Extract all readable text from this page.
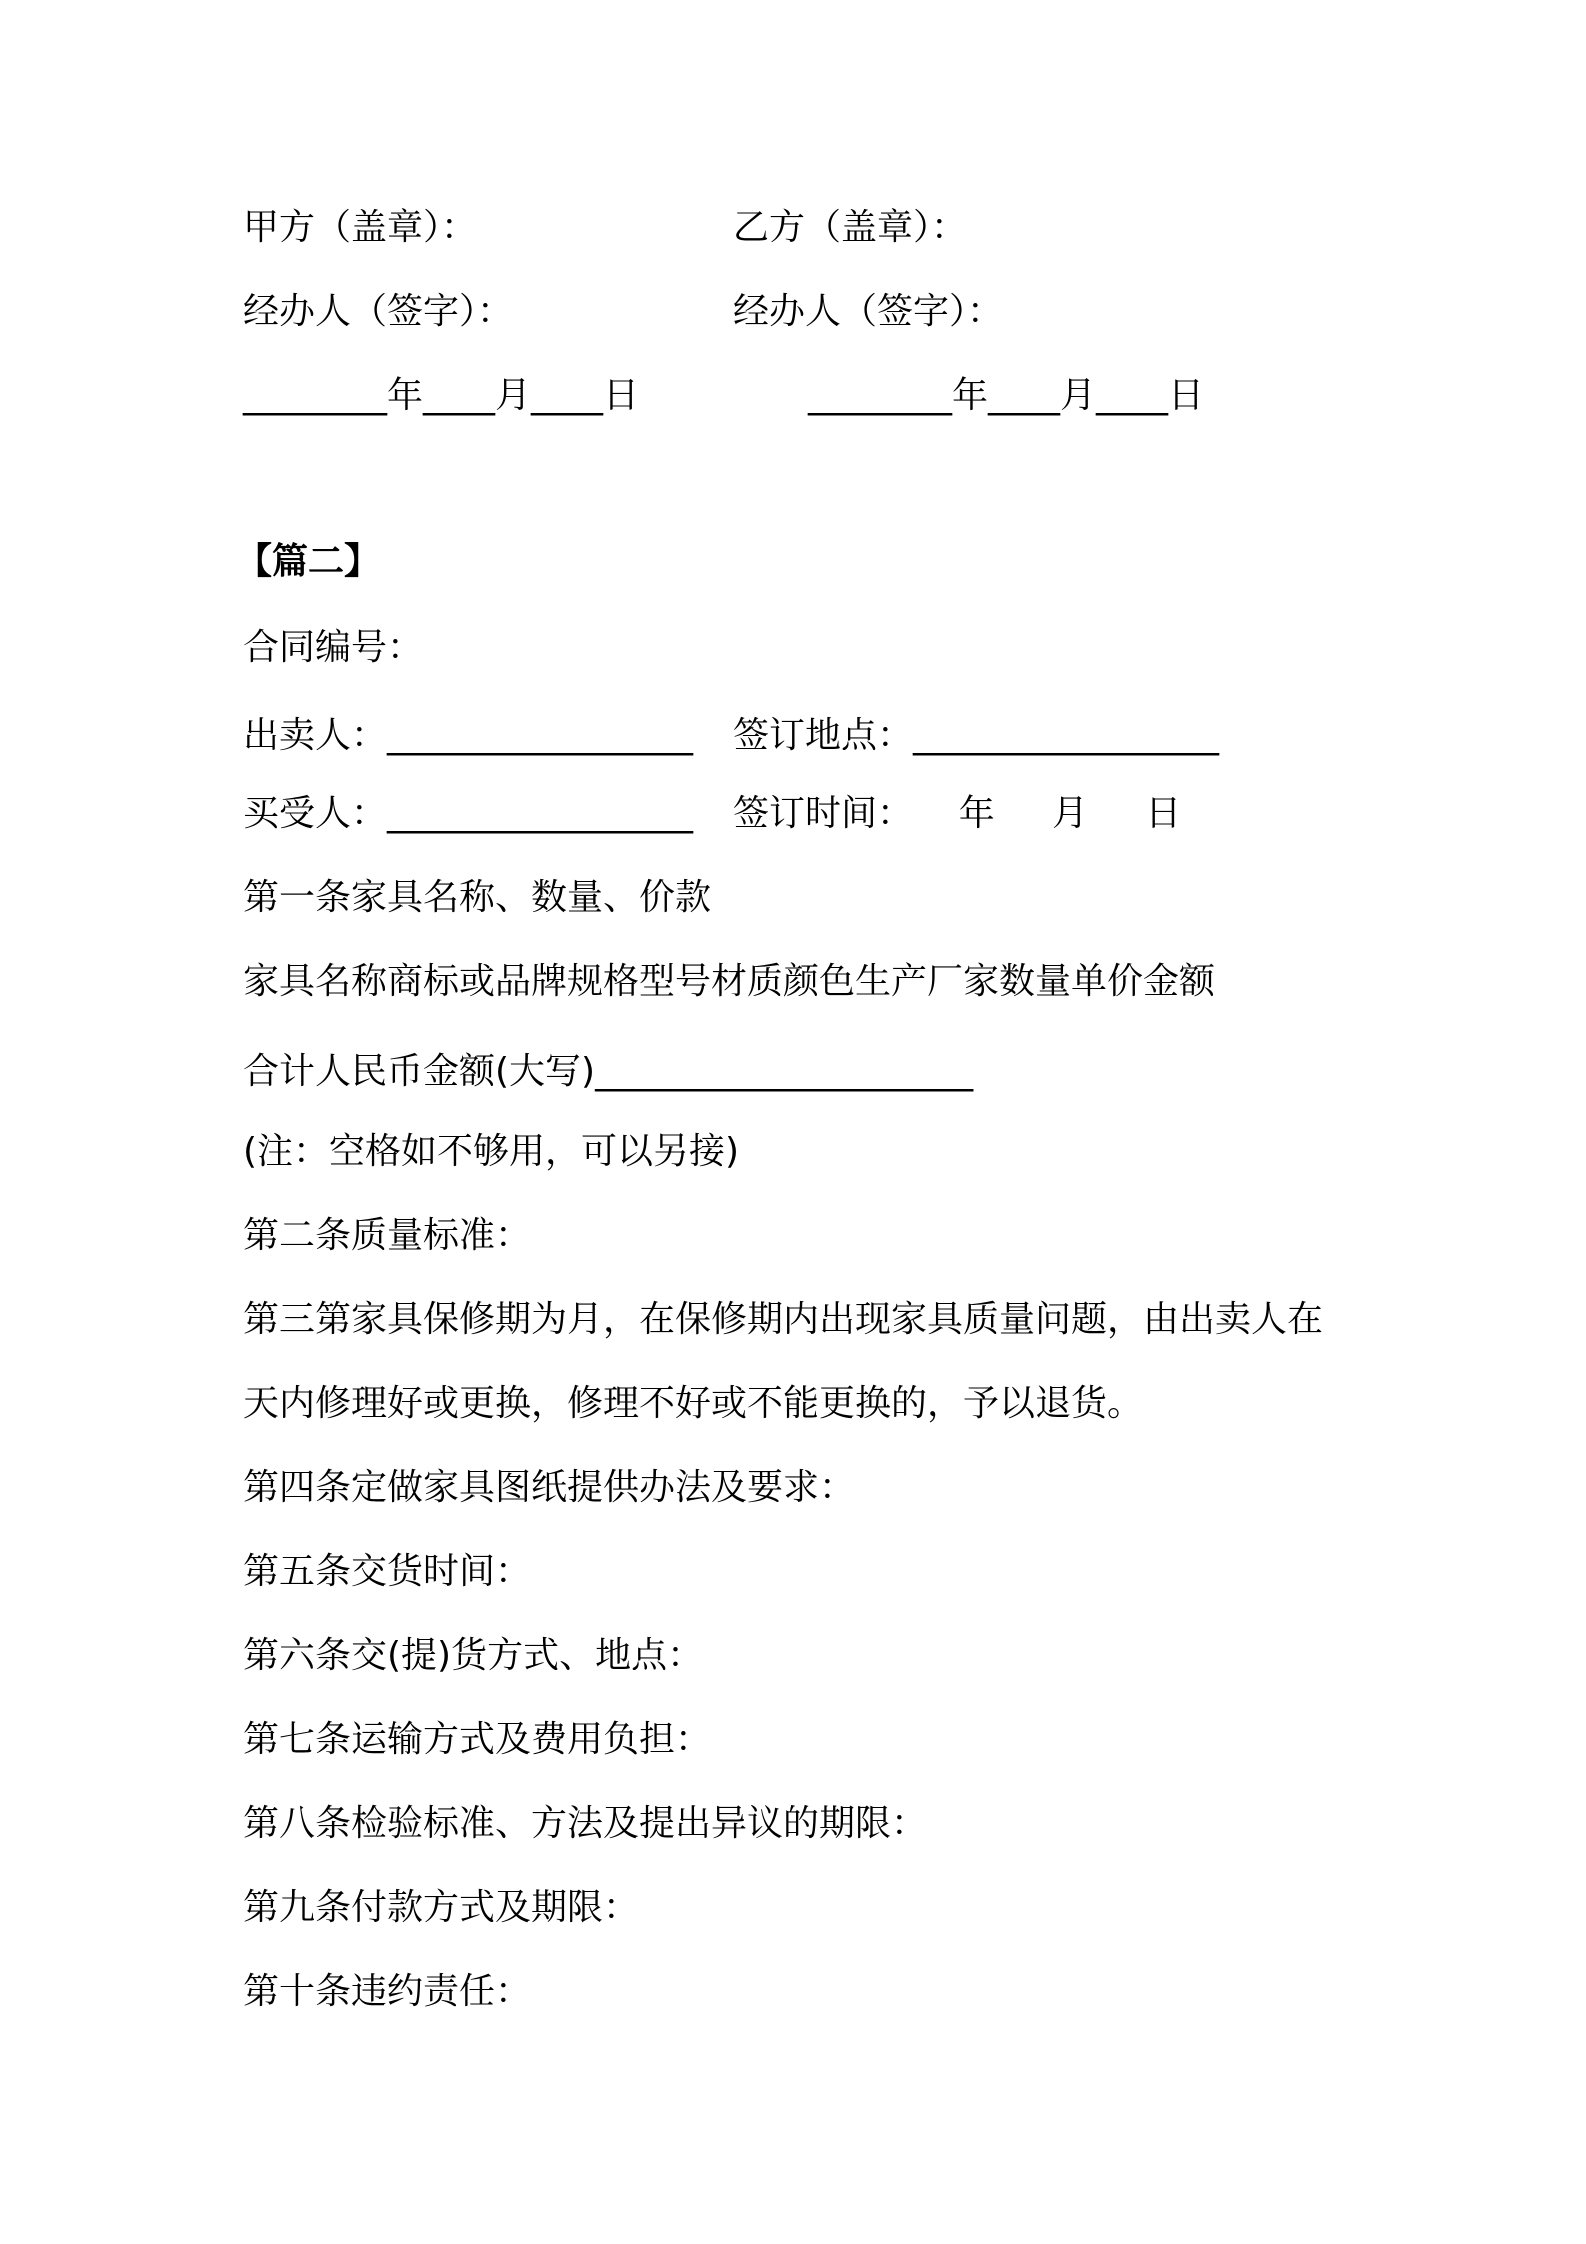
甲方（盖章）：	乙方（盖章）：
经办人（签字）：	经办人（签字）：
________年____月____日	________年____月____日
【篇二】
合同编号：
出卖人：_________________ 签订地点：_________________
买受人：_________________ 签订时间：    年     月     日
第一条家具名称、数量、价款
家具名称商标或品牌规格型号材质颜色生产厂家数量单价金额
合计人民币金额(大写)_____________________
(注：空格如不够用，可以另接)
第二条质量标准：
第三第家具保修期为月，在保修期内出现家具质量问题，由出卖人在
天内修理好或更换，修理不好或不能更换的，予以退货。
第四条定做家具图纸提供办法及要求：
第五条交货时间：
第六条交(提)货方式、地点：
第七条运输方式及费用负担：
第八条检验标准、方法及提出异议的期限：
第九条付款方式及期限：
第十条违约责任：
